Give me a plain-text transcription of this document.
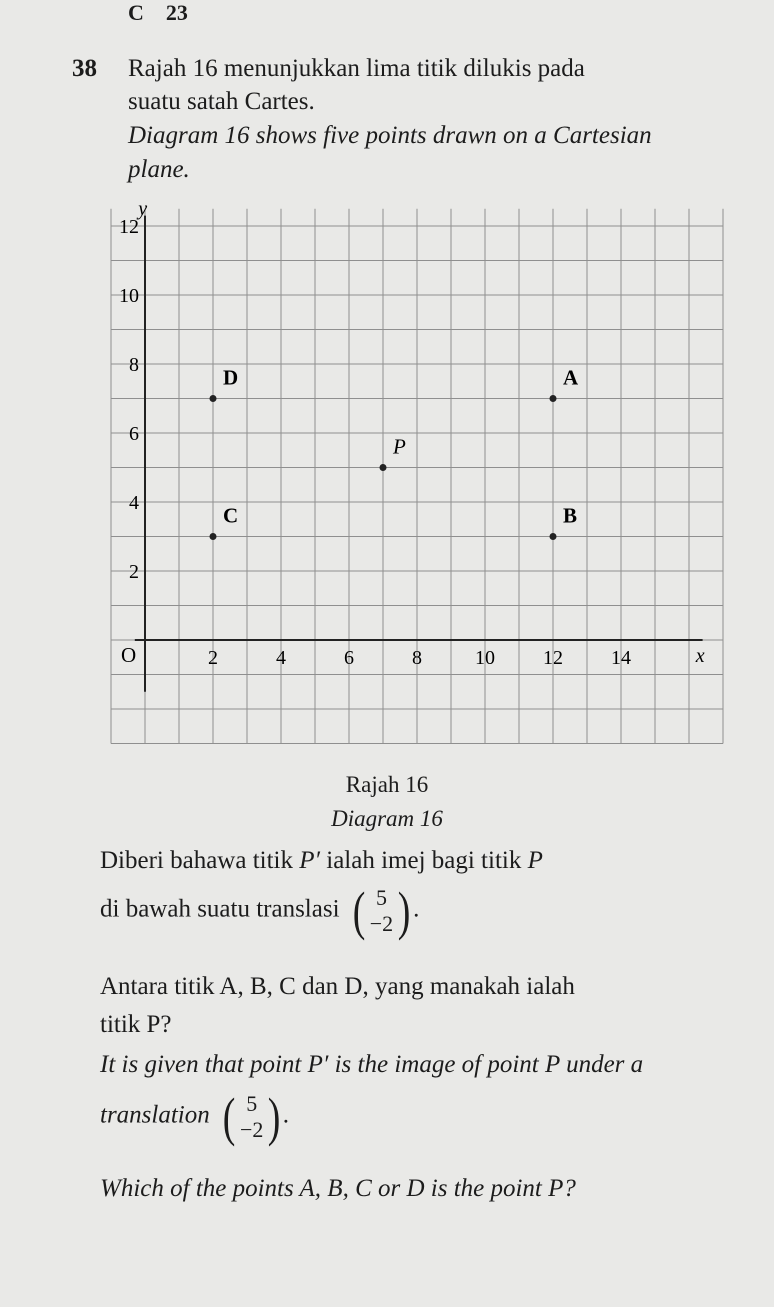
C 23
38 Rajah 16 menunjukkan lima titik dilukis pada
suatu satah Cartes.
Diagram 16 shows five points drawn on a Cartesian
plane.
x
y
O	2	4	6	8	10 12 14
2
4
6
8
10
12
A
B
C
D
P
Rajah 16
Diagram 16
Diberi bahawa titik P′ ialah imej bagi titik P
di bawah suatu translasi ( 5
−2 ) .
Antara titik A, B, C dan D, yang manakah ialah
titik P?
It is given that point P′ is the image of point P under a
translation ( 5
−2 ) .
Which of the points A, B, C or D is the point P?
